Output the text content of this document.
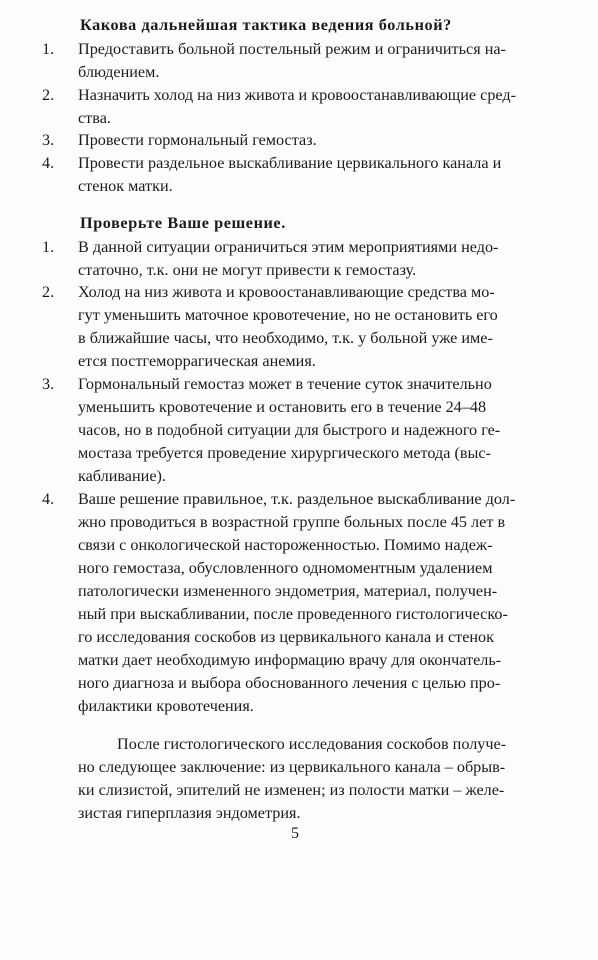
Какова дальнейшая тактика ведения больной?
1. Предоставить больной постельный режим и ограничиться на-
блюдением.
2. Назначить холод на низ живота и кровоостанавливающие сред-
ства.
3. Провести гормональный гемостаз.
4. Провести раздельное выскабливание цервикального канала и
стенок матки.
Проверьте Ваше решение.
1. В данной ситуации ограничиться этим мероприятиями недо-
статочно, т.к. они не могут привести к гемостазу.
2. Холод на низ живота и кровоостанавливающие средства мо-
гут уменьшить маточное кровотечение, но не остановить его
в ближайшие часы, что необходимо, т.к. у больной уже име-
ется постгеморрагическая анемия.
3. Гормональный гемостаз может в течение суток значительно
уменьшить кровотечение и остановить его в течение 24–48
часов, но в подобной ситуации для быстрого и надежного ге-
мостаза требуется проведение хирургического метода (выс-
кабливание).
4. Ваше решение правильное, т.к. раздельное выскабливание дол-
жно проводиться в возрастной группе больных после 45 лет в
связи с онкологической настороженностью. Помимо надеж-
ного гемостаза, обусловленного одномоментным удалением
патологически измененного эндометрия, материал, получен-
ный при выскабливании, после проведенного гистологическо-
го исследования соскобов из цервикального канала и стенок
матки дает необходимую информацию врачу для окончатель-
ного диагноза и выбора обоснованного лечения с целью про-
филактики кровотечения.
После гистологического исследования соскобов получе-
но следующее заключение: из цервикального канала – обрыв-
ки слизистой, эпителий не изменен; из полости матки – желе-
зистая гиперплазия эндометрия.
5
